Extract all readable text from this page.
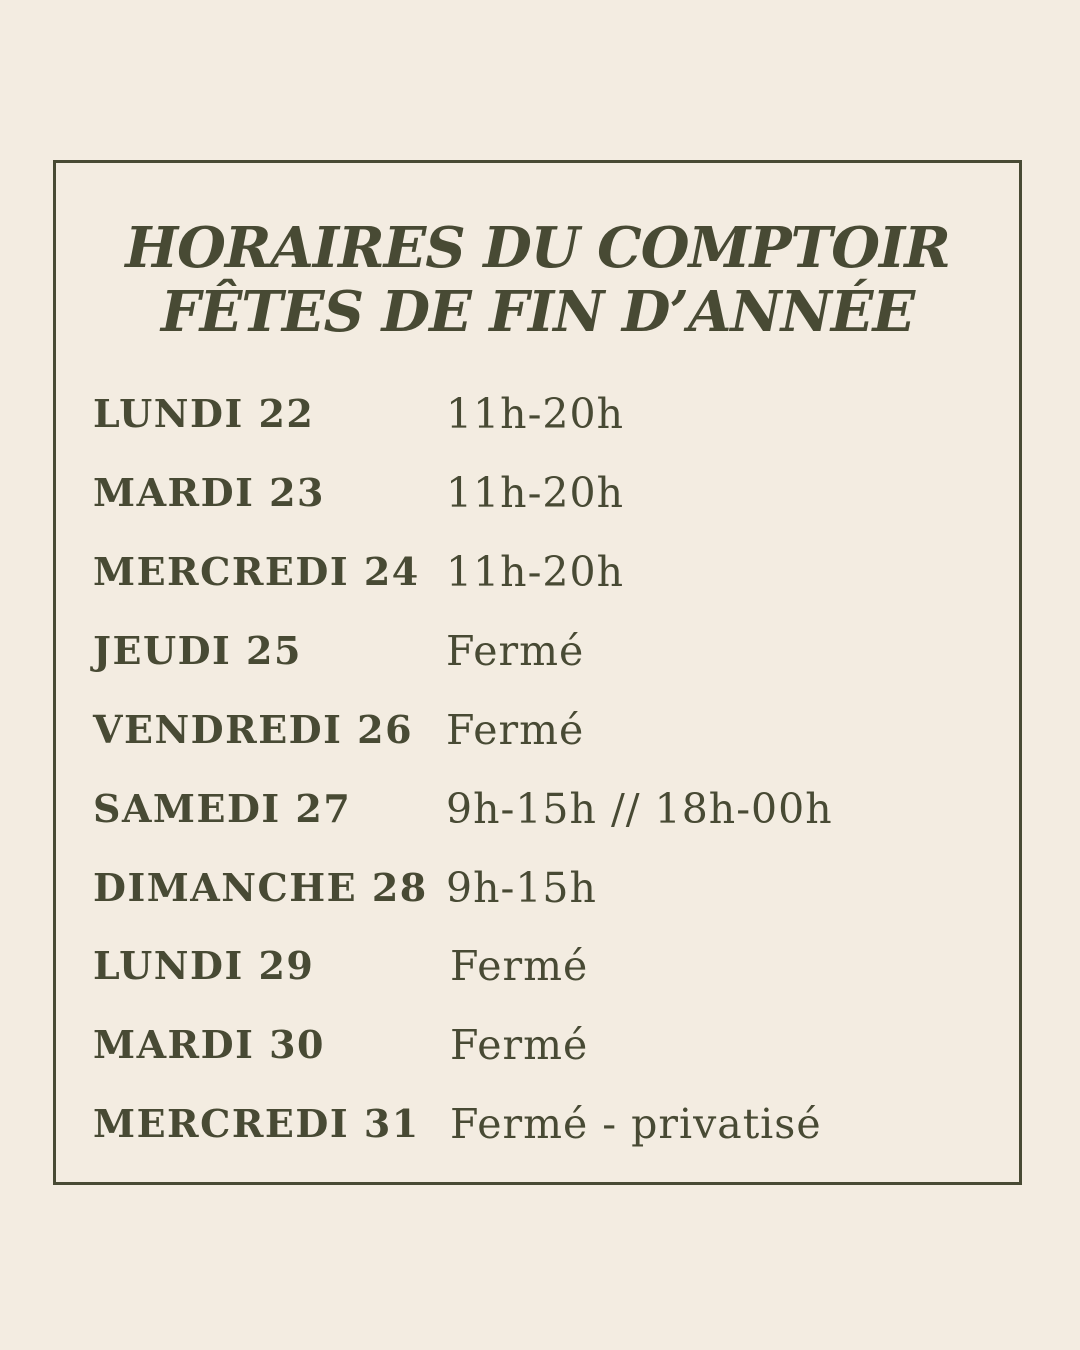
HORAIRES DU COMPTOIR
FÊTES DE FIN D’ANNÉE
LUNDI 22	11h-20h
MARDI 23	11h-20h
MERCREDI 24 11h-20h
JEUDI 25	Fermé
VENDREDI 26 Fermé
SAMEDI 27 9h-15h // 18h-00h
DIMANCHE 28 9h-15h
LUNDI 29	Fermé
MARDI 30	Fermé
MERCREDI 31 Fermé - privatisé
